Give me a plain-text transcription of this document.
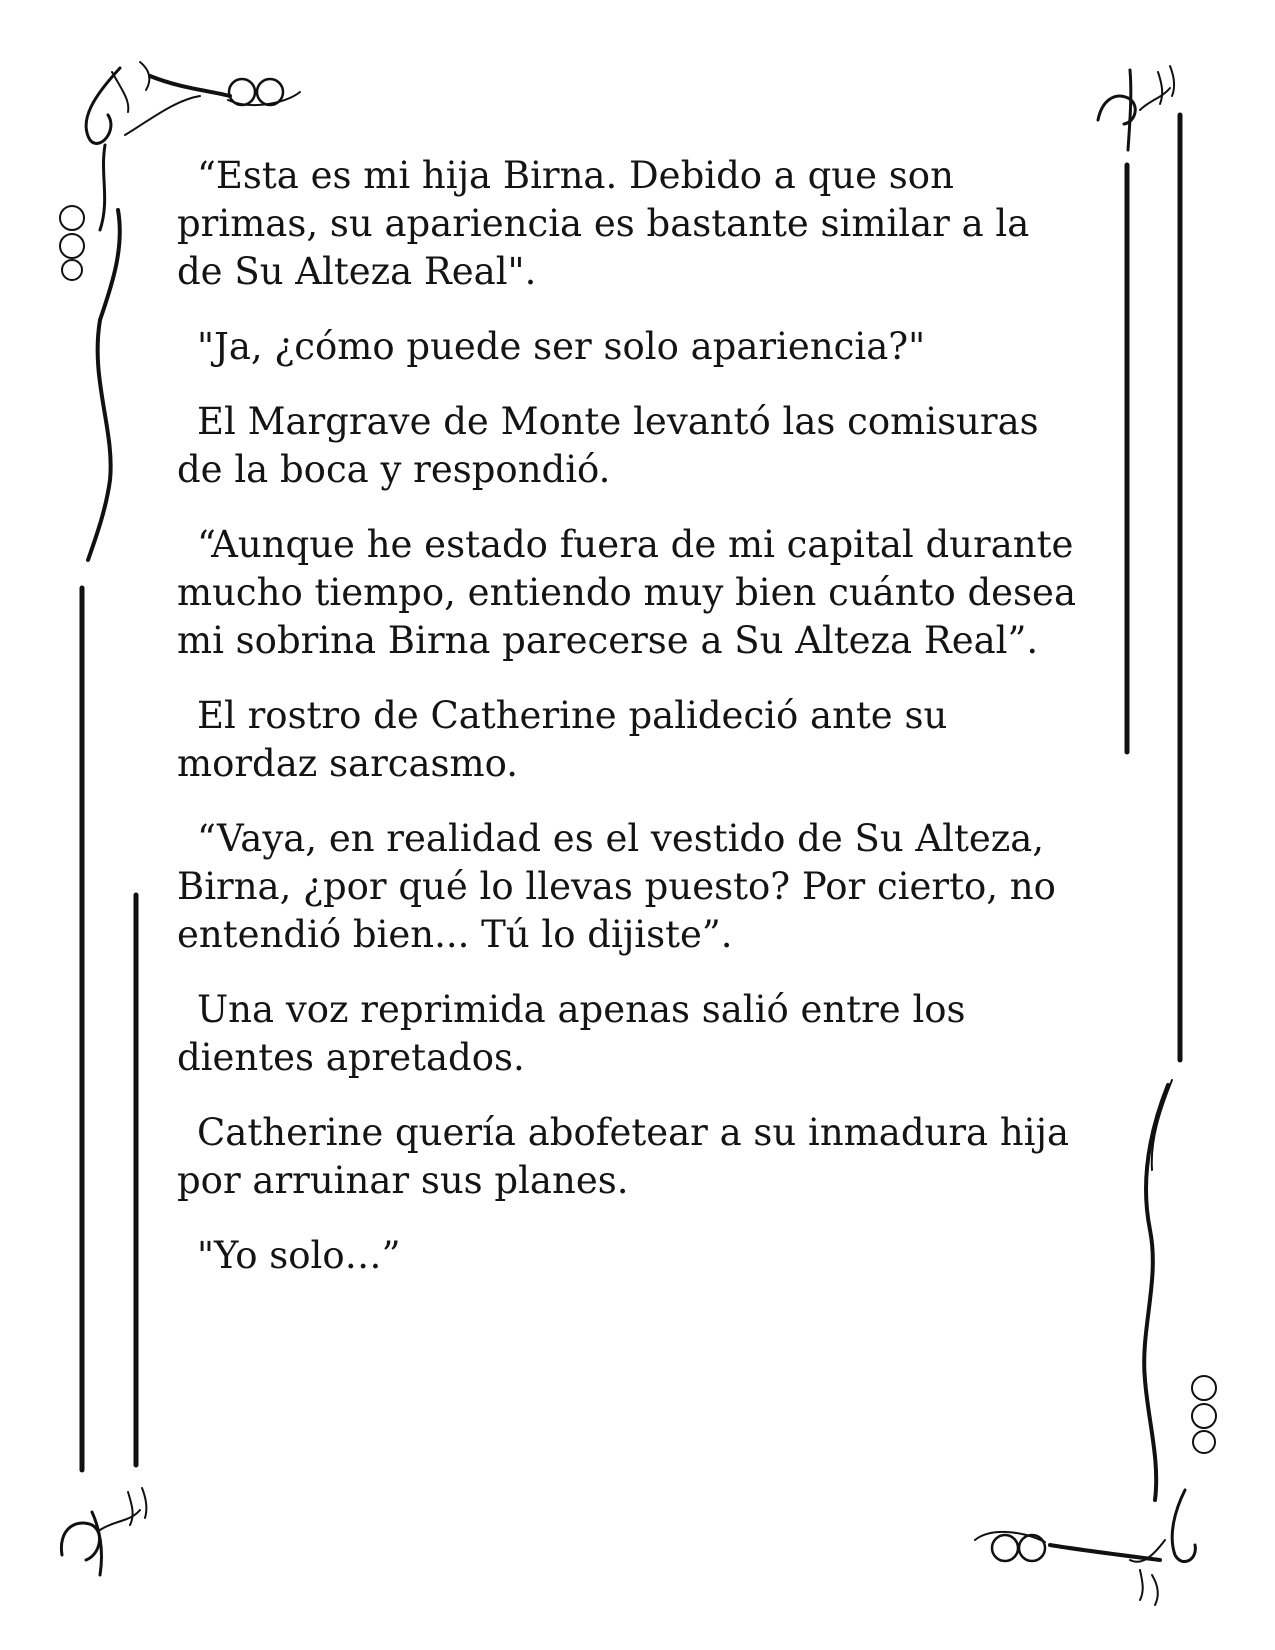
“Esta es mi hija Birna. Debido a que son
primas, su apariencia es bastante similar a la
de Su Alteza Real".

"Ja, ¿cómo puede ser solo apariencia?"

El Margrave de Monte levantó las comisuras
de la boca y respondió.

“Aunque he estado fuera de mi capital durante
mucho tiempo, entiendo muy bien cuánto desea
mi sobrina Birna parecerse a Su Alteza Real”.

El rostro de Catherine palideció ante su
mordaz sarcasmo.

“Vaya, en realidad es el vestido de Su Alteza,
Birna, ¿por qué lo llevas puesto? Por cierto, no
entendió bien... Tú lo dijiste”.

Una voz reprimida apenas salió entre los
dientes apretados.

Catherine quería abofetear a su inmadura hija
por arruinar sus planes.

"Yo solo…”
